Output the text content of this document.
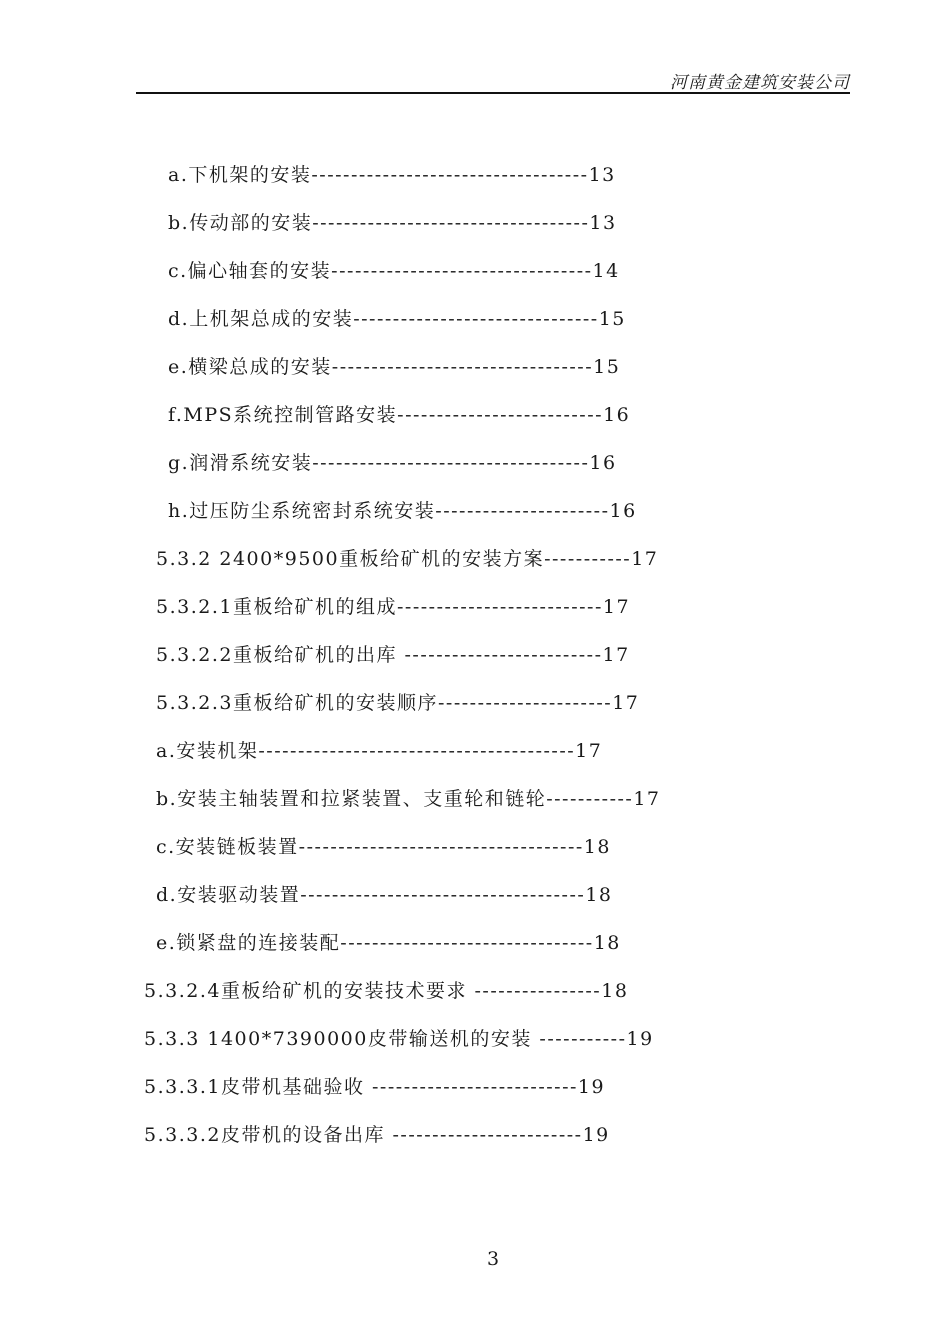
河南黄金建筑安装公司
a.下机架的安装-----------------------------------13
b.传动部的安装-----------------------------------13
c.偏心轴套的安装---------------------------------14
d.上机架总成的安装-------------------------------15
e.横梁总成的安装---------------------------------15
f.MPS系统控制管路安装--------------------------16
g.润滑系统安装-----------------------------------16
h.过压防尘系统密封系统安装----------------------16
5.3.2 2400*9500重板给矿机的安装方案-----------17
5.3.2.1重板给矿机的组成--------------------------17
5.3.2.2重板给矿机的出库 -------------------------17
5.3.2.3重板给矿机的安装顺序----------------------17
a.安装机架----------------------------------------17
b.安装主轴装置和拉紧装置、支重轮和链轮-----------17
c.安装链板装置------------------------------------18
d.安装驱动装置------------------------------------18
e.锁紧盘的连接装配--------------------------------18
5.3.2.4重板给矿机的安装技术要求 ----------------18
5.3.3 1400*7390000皮带输送机的安装 -----------19
5.3.3.1皮带机基础验收 --------------------------19
5.3.3.2皮带机的设备出库 ------------------------19
3
